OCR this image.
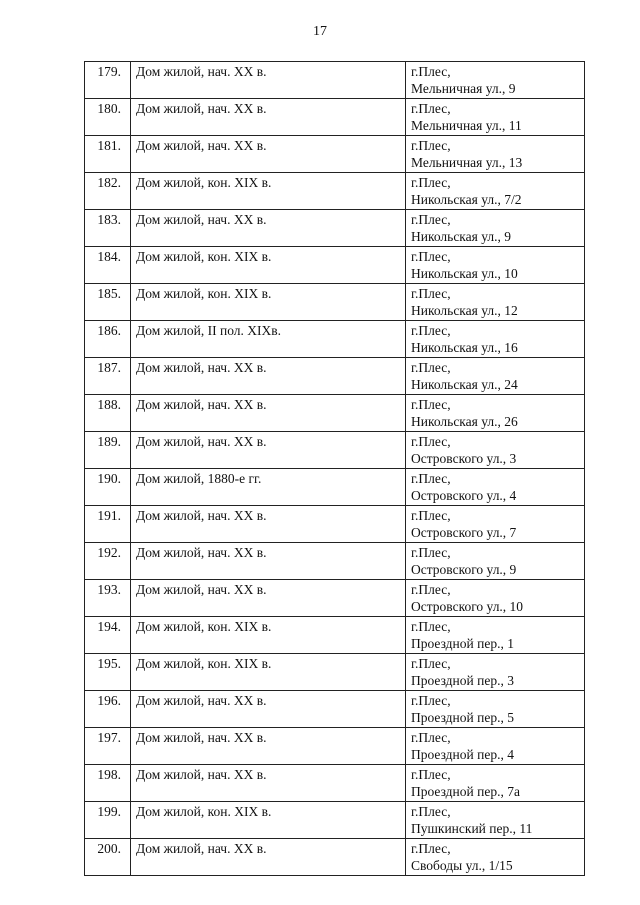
17
179.	Дом жилой, нач. XX в.	г.Плес,
Мельничная ул., 9

180.	Дом жилой, нач. XX в.	г.Плес,
Мельничная ул., 11

181.	Дом жилой, нач. XX в.	г.Плес,
Мельничная ул., 13

182.	Дом жилой, кон. XIX в.	г.Плес,
Никольская ул., 7/2

183.	Дом жилой, нач. XX в.	г.Плес,
Никольская ул., 9

184.	Дом жилой, кон. XIX в.	г.Плес,
Никольская ул., 10

185.	Дом жилой, кон. XIX в.	г.Плес,
Никольская ул., 12

186.	Дом жилой, II пол. XIXв.	г.Плес,
Никольская ул., 16

187.	Дом жилой, нач. XX в.	г.Плес,
Никольская ул., 24

188.	Дом жилой, нач. XX в.	г.Плес,
Никольская ул., 26

189.	Дом жилой, нач. XX в.	г.Плес,
Островского ул., 3

190.	Дом жилой, 1880-е гг.	г.Плес,
Островского ул., 4

191.	Дом жилой, нач. XX в.	г.Плес,
Островского ул., 7

192.	Дом жилой, нач. XX в.	г.Плес,
Островского ул., 9

193.	Дом жилой, нач. XX в.	г.Плес,
Островского ул., 10

194.	Дом жилой, кон. XIX в.	г.Плес,
Проездной пер., 1

195.	Дом жилой, кон. XIX в.	г.Плес,
Проездной пер., 3

196.	Дом жилой, нач. XX в.	г.Плес,
Проездной пер., 5

197.	Дом жилой, нач. XX в.	г.Плес,
Проездной пер., 4

198.	Дом жилой, нач. XX в.	г.Плес,
Проездной пер., 7а

199.	Дом жилой, кон. XIX в.	г.Плес,
Пушкинский пер., 11

200.	Дом жилой, нач. XX в.	г.Плес,
Свободы ул., 1/15
